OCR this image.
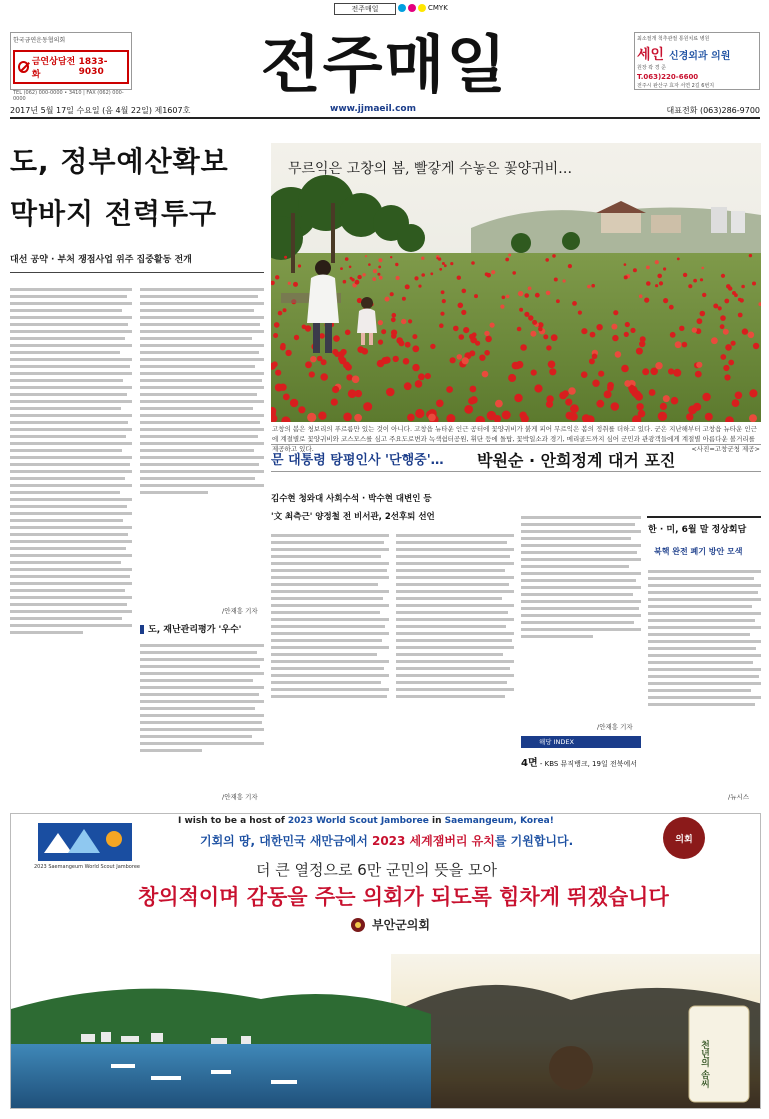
전주매일	CMYK
한국금연운동협의회
금연상담전화
1833-9030
TEL (062) 000-0000 • 3410 | FAX (062) 000-0000	전주매일	최소절개 척추관절 통원치료 병원
세인 신경외과 의원
원장 곽 경 준
T.063)220-6600
전주시 완산구 효자 서연 2길 6번지
2017년 5월 17일 수요일 (음 4월 22일) 제1607호	www.jjmaeil.com	대표전화 (063)286-9700
도, 정부예산확보
막바지 전력투구
대선 공약 · 부처 쟁점사업 위주 집중활동 전개
/안재흥 기자
도, 재난관리평가 '우수'
/안재흥 기자
무르익은 고창의 봄, 빨갛게 수놓은 꽃양귀비…
고창의 봄은 청보리의 푸르름만 있는 것이 아니다. 고창읍 뉴타운 인근 공터에 꽃양귀비가 붉게 피어 무르익은 봄의 정취를 더하고 있다. 군은 지난해부터 고창읍 뉴타운 인근에 계절별로 꽃양귀비와 코스모스를 심고 주요도로변과 녹색쉼터공원, 휘단 등에 돌탑, 꽃박일소과 경기, 메리골드까지 심어 군민과 관광객들에게 계절별 아름다운 볼거리를 제공하고 있다.	<사진=고창군청 제공>
문 대통령 탕평인사 '단행중'… 박원순 · 안희정계 대거 포진
김수현 청와대 사회수석 · 박수현 대변인 등
'文 최측근' 양정철 전 비서관, 2선후퇴 선언
/안재흥 기자
해당 INDEX
4면 - KBS 뮤직뱅크, 19일 전북에서
한 · 미, 6월 말 정상회담
북핵 완전 폐기 방안 모색
/뉴시스
2023 Saemangeum World Scout Jamboree
의회
I wish to be a host of 2023 World Scout Jamboree in Saemangeum, Korea!
기회의 땅, 대한민국 새만금에서 2023 세계잼버리 유치를 기원합니다.
더 큰 열정으로 6만 군민의 뜻을 모아
창의적이며 감동을 주는 의회가 되도록 힘차게 뛰겠습니다
부안군의회
천년의 솜씨
